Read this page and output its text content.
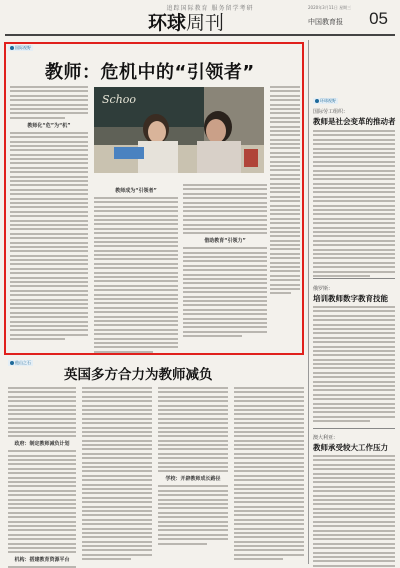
追踪国际教育 服务留学考研
环球周刊
2020年3月11日 星期三
中国教育报 05
国际视野
教师：危机中的“引领者”
Schoo
教师化“危”为“机”
教师成为“引领者”
借助教育“引领力”
环球视野
国际劳工组织：
教师是社会变革的推动者
俄罗斯：
培训教师数字教育技能
澳大利亚：
教师承受较大工作压力
他山之石
英国多方合力为教师减负
政府：制定教师减负计划
机构：搭建教育资源平台
学校：开辟教师成长路径
